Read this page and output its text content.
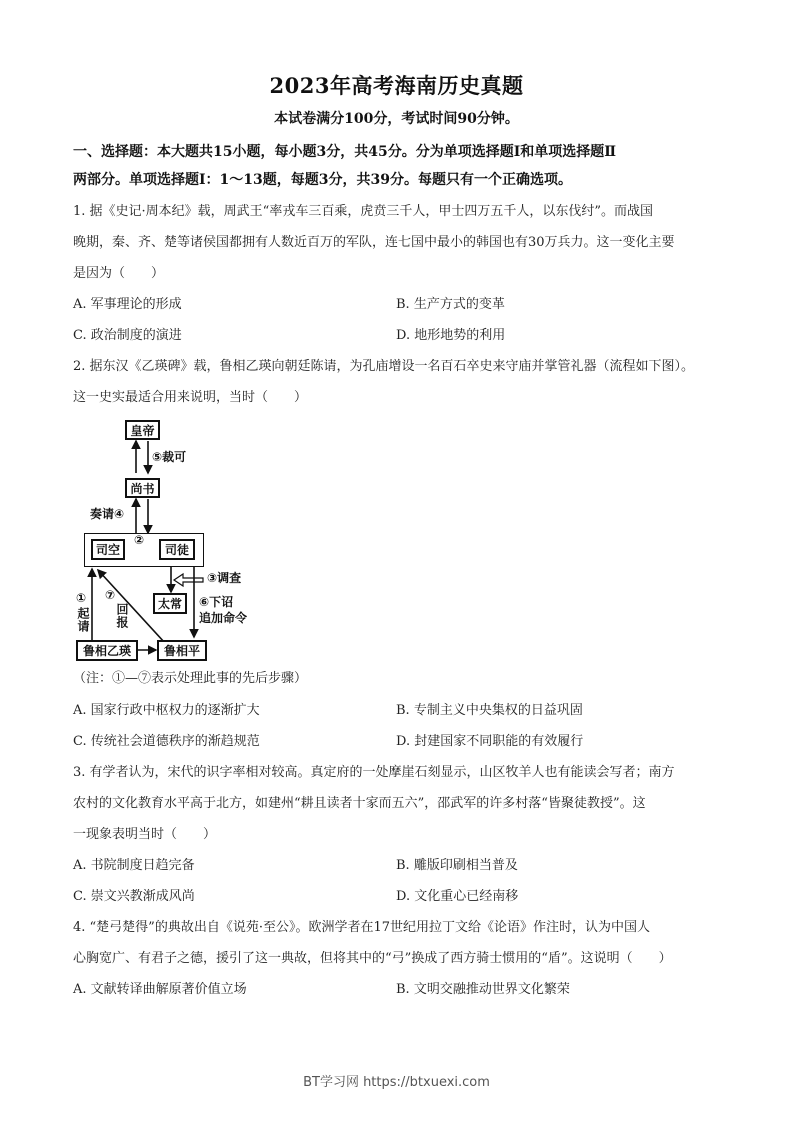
2023年高考海南历史真题
本试卷满分100分，考试时间90分钟。
一、选择题：本大题共15小题，每小题3分，共45分。分为单项选择题Ⅰ和单项选择题Ⅱ
两部分。单项选择题Ⅰ：1～13题，每题3分，共39分。每题只有一个正确选项。
1. 据《史记·周本纪》载，周武王“率戎车三百乘，虎贲三千人，甲士四万五千人，以东伐纣”。而战国
晚期，秦、齐、楚等诸侯国都拥有人数近百万的军队，连七国中最小的韩国也有30万兵力。这一变化主要
是因为（　　）
A. 军事理论的形成	B. 生产方式的变革
C. 政治制度的演进	D. 地形地势的利用
2. 据东汉《乙瑛碑》载，鲁相乙瑛向朝廷陈请，为孔庙增设一名百石卒史来守庙并掌管礼器（流程如下图）。
这一史实最适合用来说明，当时（　　）
皇帝
尚书
司空	司徒
太常
鲁相乙瑛	鲁相平
⑤裁可
奏请④
②
③调查
⑥下诏
追加命令
①
起请
⑦
回报
（注：①—⑦表示处理此事的先后步骤）
A. 国家行政中枢权力的逐渐扩大	B. 专制主义中央集权的日益巩固
C. 传统社会道德秩序的渐趋规范	D. 封建国家不同职能的有效履行
3. 有学者认为，宋代的识字率相对较高。真定府的一处摩崖石刻显示，山区牧羊人也有能读会写者；南方
农村的文化教育水平高于北方，如建州“耕且读者十家而五六”，邵武军的许多村落“皆聚徒教授”。这
一现象表明当时（　　）
A. 书院制度日趋完备	B. 雕版印刷相当普及
C. 崇文兴教渐成风尚	D. 文化重心已经南移
4. “楚弓楚得”的典故出自《说苑·至公》。欧洲学者在17世纪用拉丁文给《论语》作注时，认为中国人
心胸宽广、有君子之德，援引了这一典故，但将其中的“弓”换成了西方骑士惯用的“盾”。这说明（　　）
A. 文献转译曲解原著价值立场	B. 文明交融推动世界文化繁荣
BT学习网 https://btxuexi.com
